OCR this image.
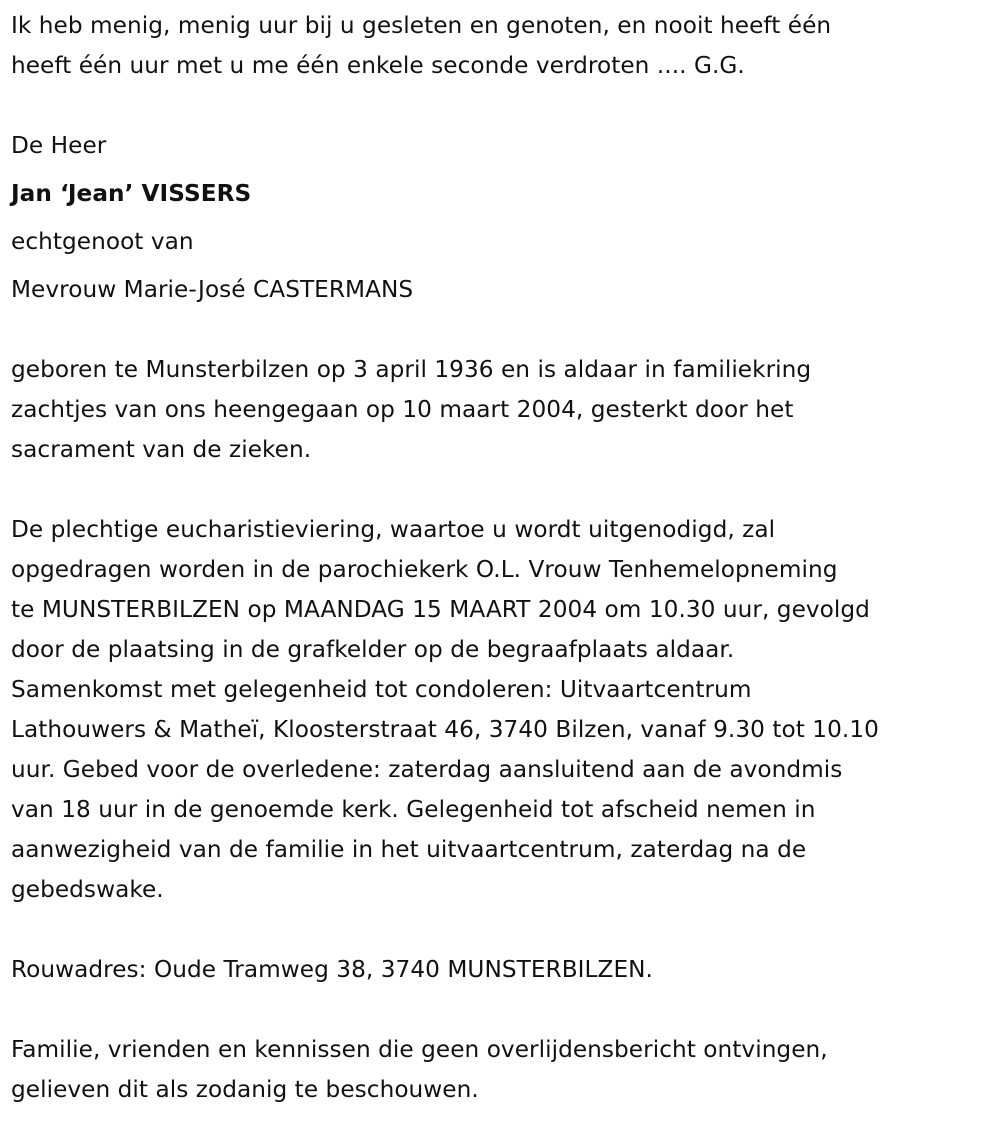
Ik heb menig, menig uur bij u gesleten en genoten, en nooit heeft één
heeft één uur met u me één enkele seconde verdroten .... G.G.

De Heer
Jan ‘Jean’ VISSERS
echtgenoot van
Mevrouw Marie-José CASTERMANS

geboren te Munsterbilzen op 3 april 1936 en is aldaar in familiekring
zachtjes van ons heengegaan op 10 maart 2004, gesterkt door het
sacrament van de zieken.

De plechtige eucharistieviering, waartoe u wordt uitgenodigd, zal
opgedragen worden in de parochiekerk O.L. Vrouw Tenhemelopneming
te MUNSTERBILZEN op MAANDAG 15 MAART 2004 om 10.30 uur, gevolgd
door de plaatsing in de grafkelder op de begraafplaats aldaar.
Samenkomst met gelegenheid tot condoleren: Uitvaartcentrum
Lathouwers & Matheï, Kloosterstraat 46, 3740 Bilzen, vanaf 9.30 tot 10.10
uur. Gebed voor de overledene: zaterdag aansluitend aan de avondmis
van 18 uur in de genoemde kerk. Gelegenheid tot afscheid nemen in
aanwezigheid van de familie in het uitvaartcentrum, zaterdag na de
gebedswake.

Rouwadres: Oude Tramweg 38, 3740 MUNSTERBILZEN.

Familie, vrienden en kennissen die geen overlijdensbericht ontvingen,
gelieven dit als zodanig te beschouwen.
